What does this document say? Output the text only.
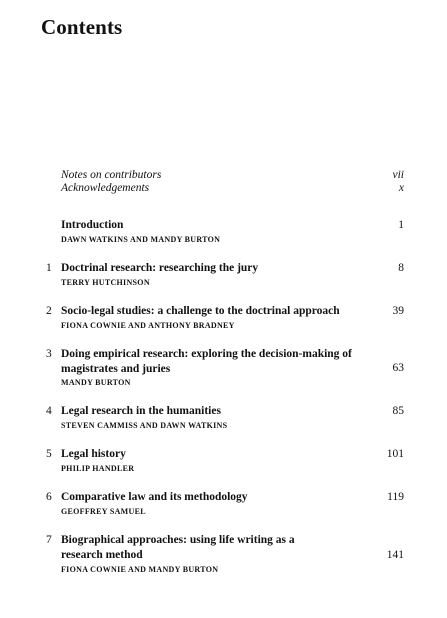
Contents
Notes on contributors	vii
Acknowledgements	x
Introduction	1
DAWN WATKINS AND MANDY BURTON
1 Doctrinal research: researching the jury	8
TERRY HUTCHINSON
2 Socio-legal studies: a challenge to the doctrinal approach	39
FIONA COWNIE AND ANTHONY BRADNEY
3 Doing empirical research: exploring the decision-making of magistrates and juries	63
MANDY BURTON
4 Legal research in the humanities	85
STEVEN CAMMISS AND DAWN WATKINS
5 Legal history	101
PHILIP HANDLER
6 Comparative law and its methodology	119
GEOFFREY SAMUEL
7 Biographical approaches: using life writing as a research method	141
FIONA COWNIE AND MANDY BURTON
